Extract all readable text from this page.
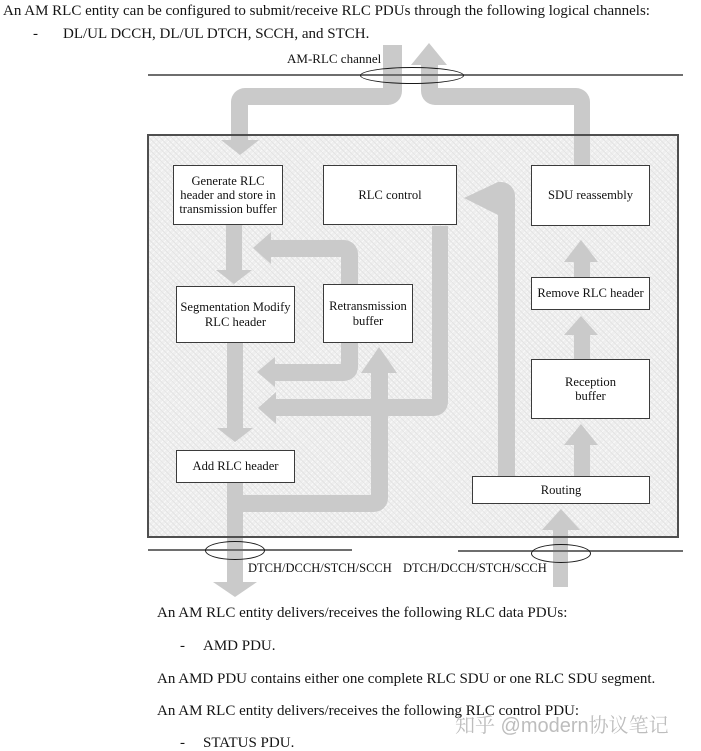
An AM RLC entity can be configured to submit/receive RLC PDUs through the following logical channels:
- DL/UL DCCH, DL/UL DTCH, SCCH, and STCH.
Generate RLC header and store in transmission buffer
RLC control	SDU reassembly
Segmentation Modify RLC header
Retransmission buffer
Remove RLC header
Reception buffer
Add RLC header
Routing
AM-RLC channel
DTCH/DCCH/STCH/SCCH DTCH/DCCH/STCH/SCCH
An AM RLC entity delivers/receives the following RLC data PDUs:
- AMD PDU.
An AMD PDU contains either one complete RLC SDU or one RLC SDU segment.
An AM RLC entity delivers/receives the following RLC control PDU:
- STATUS PDU.
知乎 @modern协议笔记
